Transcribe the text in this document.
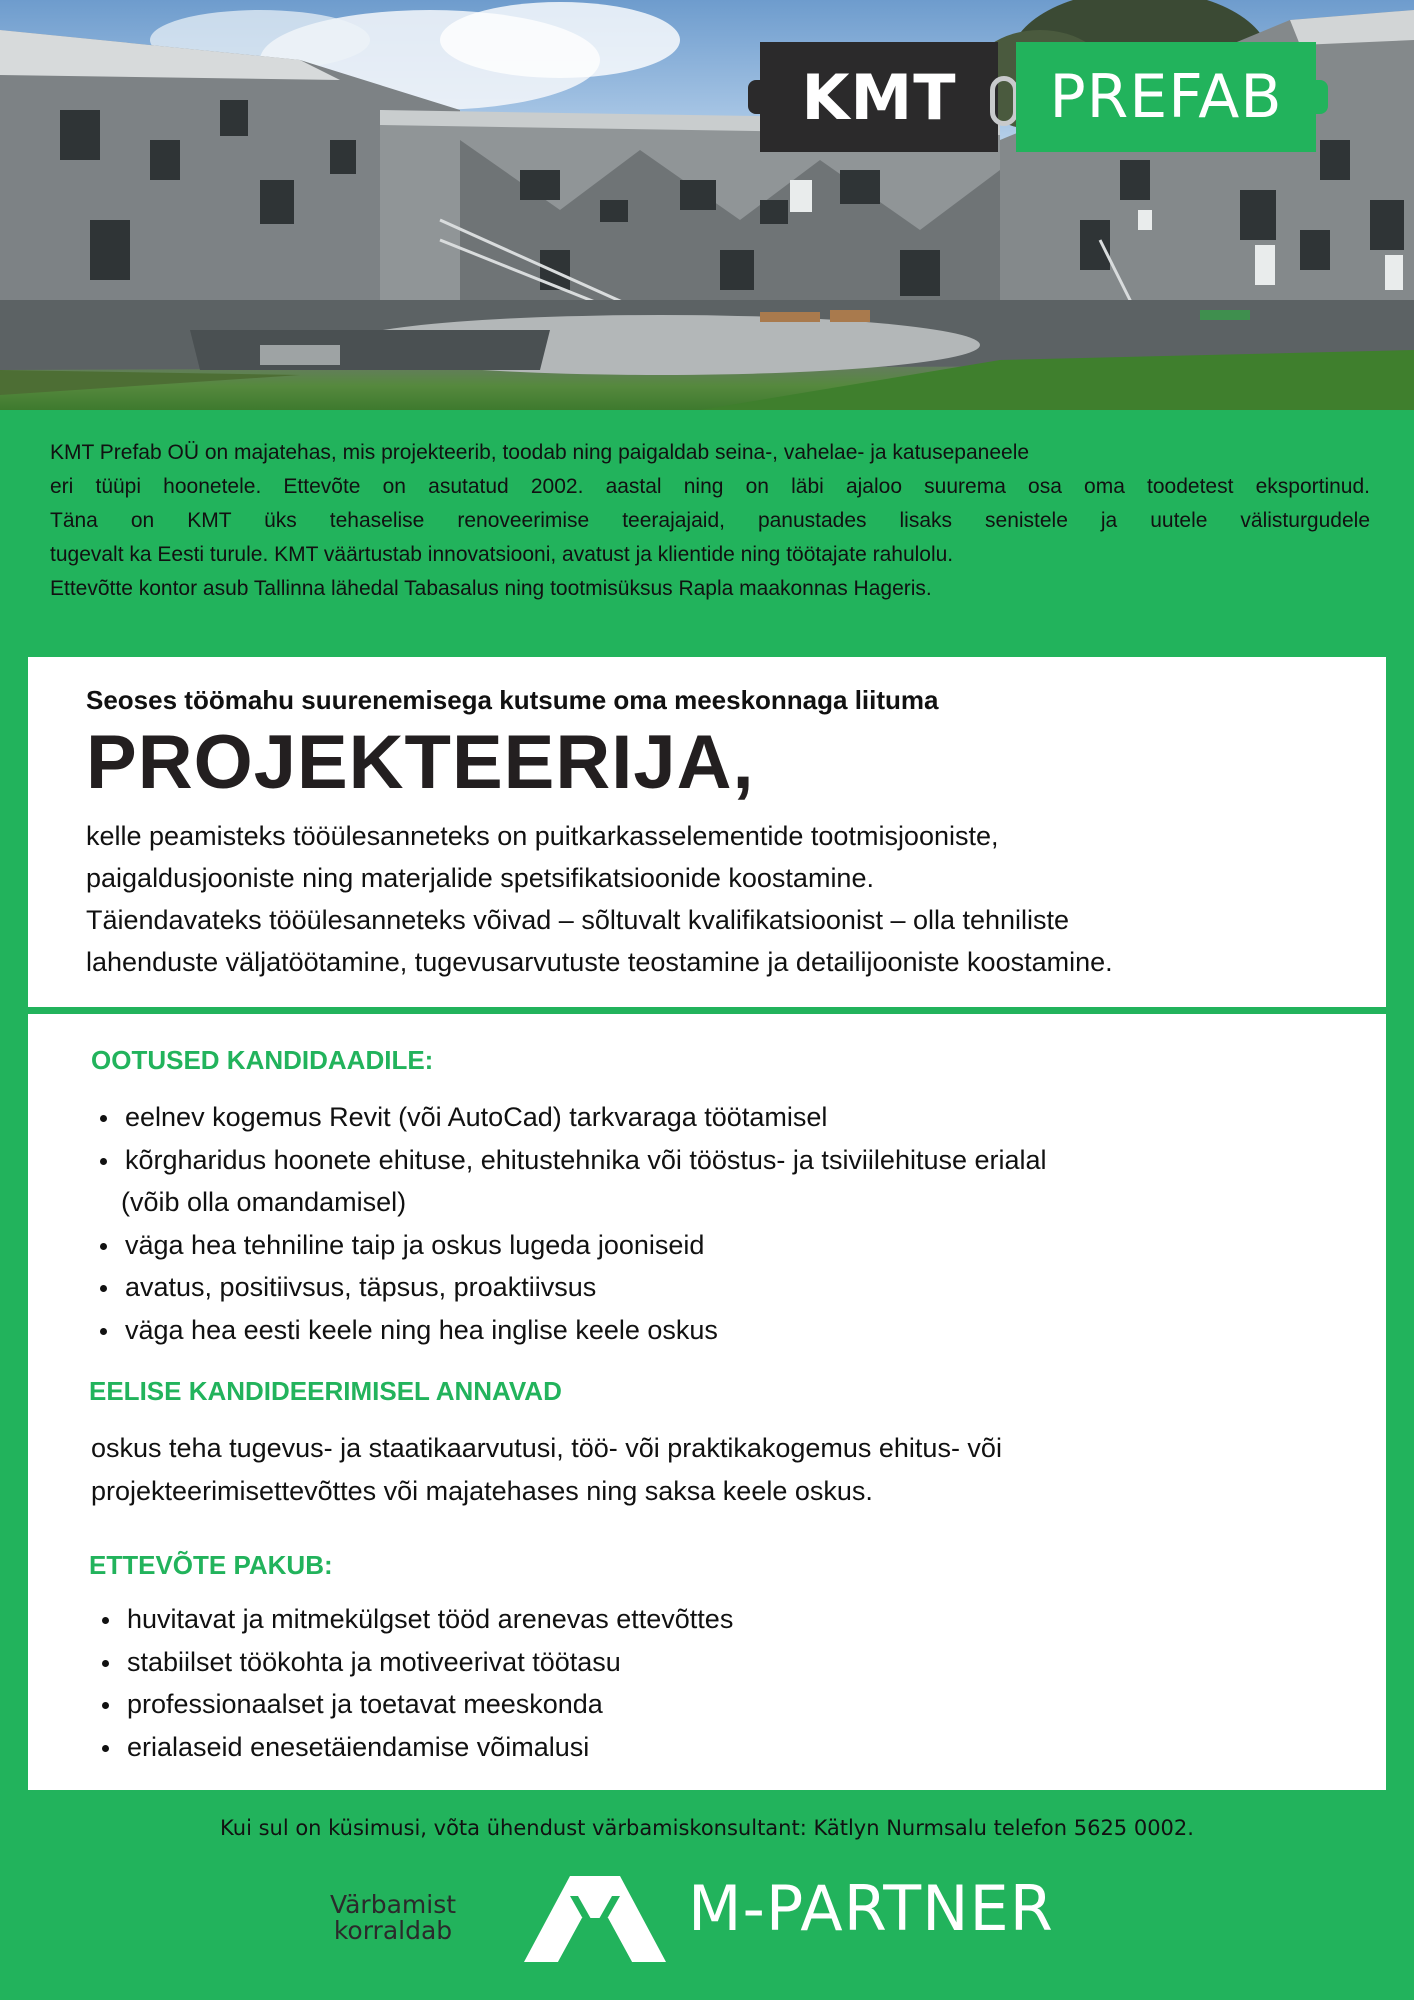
KMT	PREFAB

KMT Prefab OÜ on majatehas, mis projekteerib, toodab ning paigaldab seina-, vahelae- ja katusepaneele

eri tüüpi hoonetele. Ettevõte on asutatud 2002. aastal ning on läbi ajaloo suurema osa oma toodetest eksportinud.

Täna on KMT üks tehaselise renoveerimise teerajajaid, panustades lisaks senistele ja uutele välisturgudele

tugevalt ka Eesti turule. KMT väärtustab innovatsiooni, avatust ja klientide ning töötajate rahulolu.

Ettevõtte kontor asub Tallinna lähedal Tabasalus ning tootmisüksus Rapla maakonnas Hageris.

Seoses töömahu suurenemisega kutsume oma meeskonnaga liituma
PROJEKTEERIJA,

kelle peamisteks tööülesanneteks on puitkarkasselementide tootmisjooniste,

paigaldusjooniste ning materjalide spetsifikatsioonide koostamine.

Täiendavateks tööülesanneteks võivad – sõltuvalt kvalifikatsioonist – olla tehniliste

lahenduste väljatöötamine, tugevusarvutuste teostamine ja detailijooniste koostamine.

OOTUSED KANDIDAADILE:
eelnev kogemus Revit (või AutoCad) tarkvaraga töötamisel
kõrgharidus hoonete ehituse, ehitustehnika või tööstus- ja tsiviilehituse erialal
(võib olla omandamisel)
väga hea tehniline taip ja oskus lugeda jooniseid
avatus, positiivsus, täpsus, proaktiivsus
väga hea eesti keele ning hea inglise keele oskus
EELISE KANDIDEERIMISEL ANNAVAD
oskus teha tugevus- ja staatikaarvutusi, töö- või praktikakogemus ehitus- või
projekteerimisettevõttes või majatehases ning saksa keele oskus.
ETTEVÕTE PAKUB:
huvitavat ja mitmekülgset tööd arenevas ettevõttes
stabiilset töökohta ja motiveerivat töötasu
professionaalset ja toetavat meeskonda
erialaseid enesetäiendamise võimalusi
Kui sul on küsimusi, võta ühendust värbamiskonsultant: Kätlyn Nurmsalu telefon 5625 0002.
Värbamist
korraldab	M-PARTNER
